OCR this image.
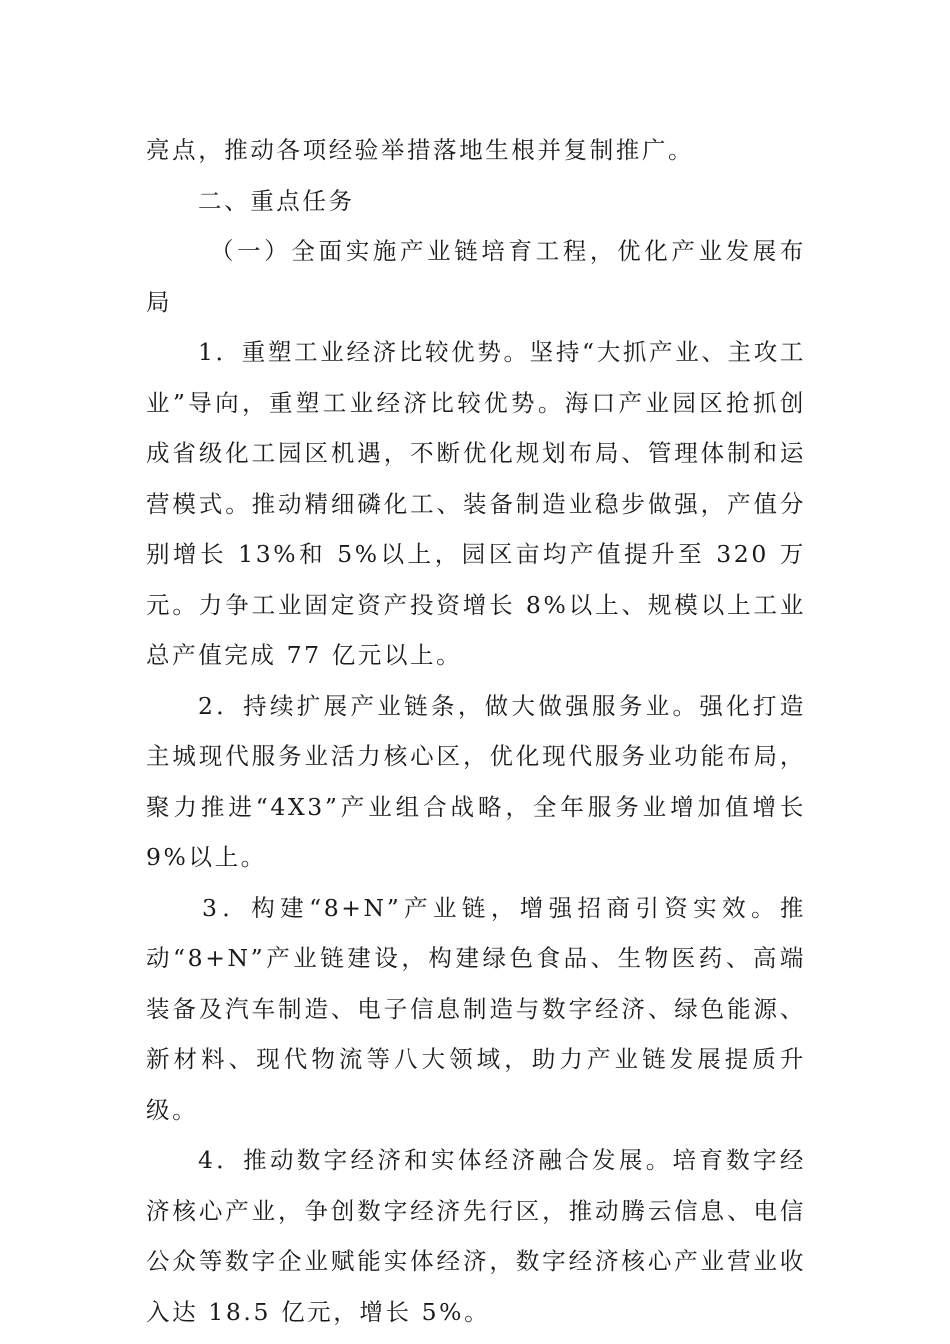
亮点，推动各项经验举措落地生根并复制推广。

二、重点任务

（一）全面实施产业链培育工程，优化产业发展布局

1．重塑工业经济比较优势。坚持“大抓产业、主攻工业”导向，重塑工业经济比较优势。海口产业园区抢抓创成省级化工园区机遇，不断优化规划布局、管理体制和运营模式。推动精细磷化工、装备制造业稳步做强，产值分别增长 13%和 5%以上，园区亩均产值提升至 320 万元。力争工业固定资产投资增长 8%以上、规模以上工业总产值完成 77 亿元以上。

2．持续扩展产业链条，做大做强服务业。强化打造主城现代服务业活力核心区，优化现代服务业功能布局，聚力推进“4X3”产业组合战略，全年服务业增加值增长 9%以上。

3．构建“8+N”产业链，增强招商引资实效。推动“8+N”产业链建设，构建绿色食品、生物医药、高端装备及汽车制造、电子信息制造与数字经济、绿色能源、新材料、现代物流等八大领域，助力产业链发展提质升级。

4．推动数字经济和实体经济融合发展。培育数字经济核心产业，争创数字经济先行区，推动腾云信息、电信公众等数字企业赋能实体经济，数字经济核心产业营业收入达 18.5 亿元，增长 5%。
